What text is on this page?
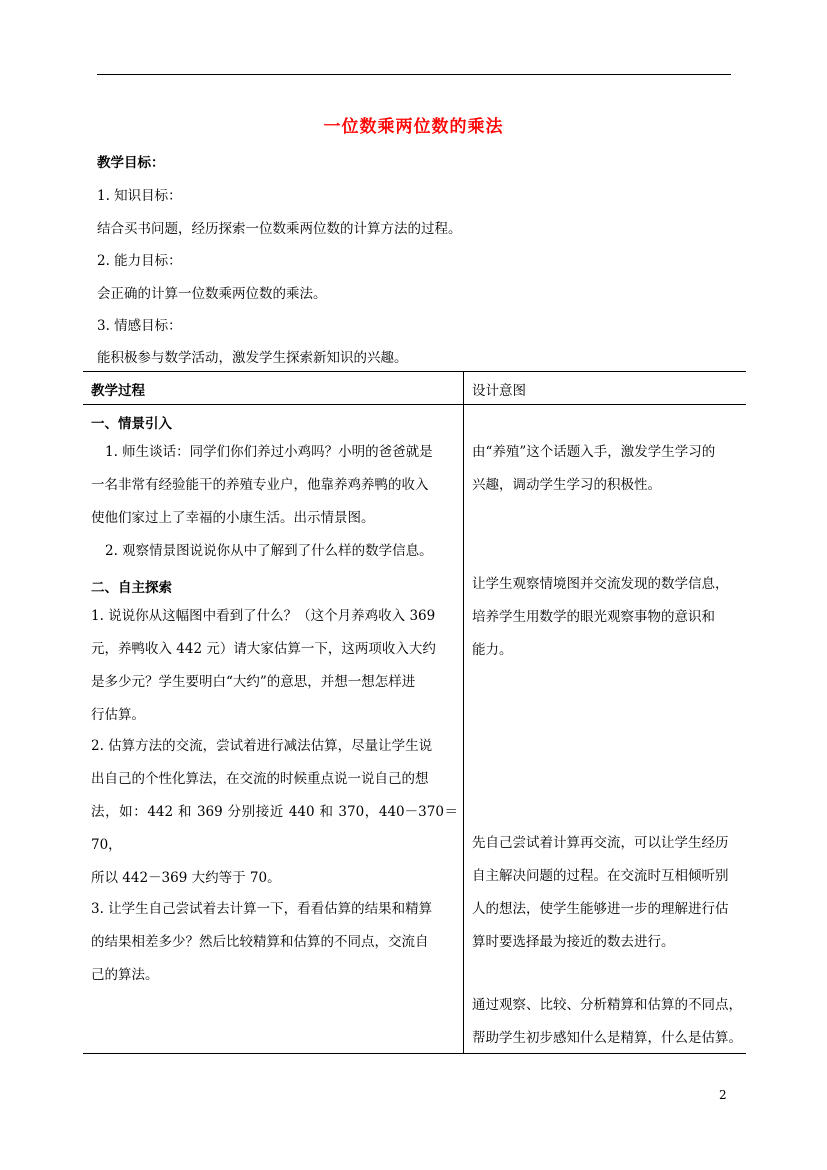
一位数乘两位数的乘法
教学目标：
1. 知识目标：
结合买书问题，经历探索一位数乘两位数的计算方法的过程。
2. 能力目标：
会正确的计算一位数乘两位数的乘法。
3. 情感目标：
能积极参与数学活动，激发学生探索新知识的兴趣。
教学过程	设计意图
一、情景引入
1. 师生谈话：同学们你们养过小鸡吗？小明的爸爸就是
一名非常有经验能干的养殖专业户，他靠养鸡养鸭的收入
使他们家过上了幸福的小康生活。出示情景图。
2. 观察情景图说说你从中了解到了什么样的数学信息。
由“养殖”这个话题入手，激发学生学习的
兴趣，调动学生学习的积极性。
二、自主探索
1. 说说你从这幅图中看到了什么？（这个月养鸡收入 369
元，养鸭收入 442 元）请大家估算一下，这两项收入大约
是多少元？学生要明白“大约”的意思，并想一想怎样进
行估算。
2. 估算方法的交流，尝试着进行减法估算，尽量让学生说
出自己的个性化算法，在交流的时候重点说一说自己的想
法，如：442 和 369 分别接近 440 和 370，440－370＝70，
所以 442－369 大约等于 70。
3. 让学生自己尝试着去计算一下，看看估算的结果和精算
的结果相差多少？然后比较精算和估算的不同点，交流自
己的算法。
让学生观察情境图并交流发现的数学信息，
培养学生用数学的眼光观察事物的意识和
能力。
先自己尝试着计算再交流，可以让学生经历
自主解决问题的过程。在交流时互相倾听别
人的想法，使学生能够进一步的理解进行估
算时要选择最为接近的数去进行。
通过观察、比较、分析精算和估算的不同点，
帮助学生初步感知什么是精算，什么是估算。
2
